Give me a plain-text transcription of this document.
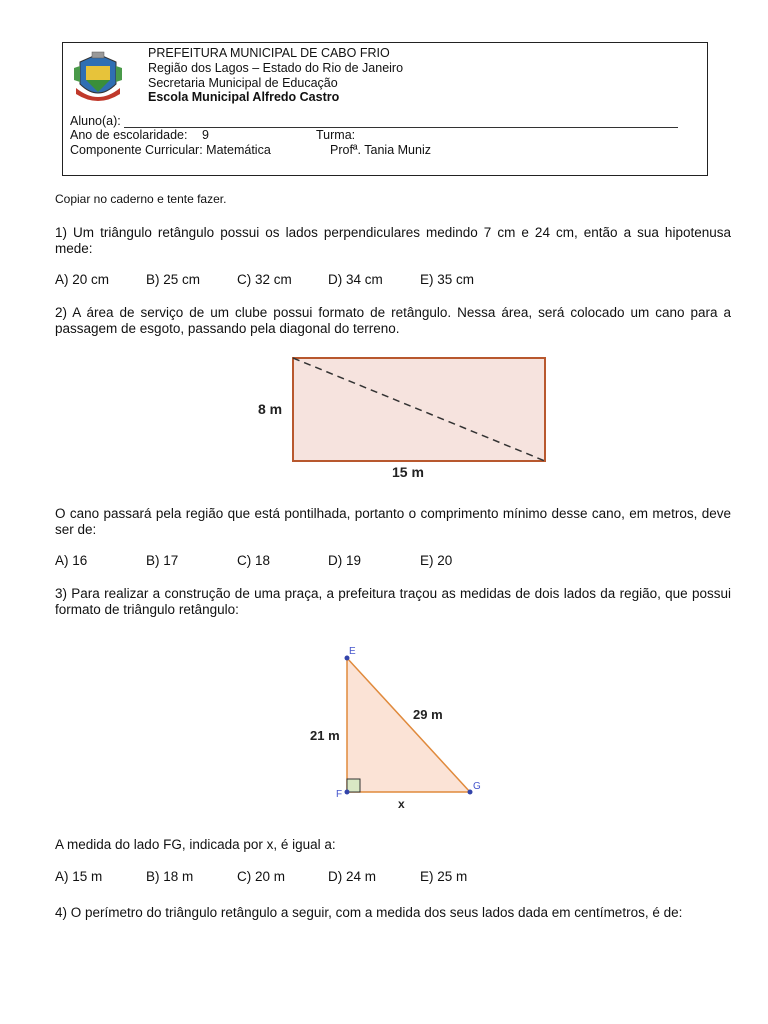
PREFEITURA MUNICIPAL DE CABO FRIO
Região dos Lagos – Estado do Rio de Janeiro
Secretaria Municipal de Educação
Escola Municipal Alfredo Castro
Aluno(a):
Ano de escolaridade: 9	Turma:
Componente Curricular: Matemática	Profª. Tania Muniz
Copiar no caderno e tente fazer.
1) Um triângulo retângulo possui os lados perpendiculares medindo 7 cm e 24 cm, então a sua hipotenusa mede:
A) 20 cm	B) 25 cm	C) 32 cm	D) 34 cm	E) 35 cm
2) A área de serviço de um clube possui formato de retângulo. Nessa área, será colocado um cano para a passagem de esgoto, passando pela diagonal do terreno.
8 m
15 m
O cano passará pela região que está pontilhada, portanto o comprimento mínimo desse cano, em metros, deve ser de:
A) 16	B) 17	C) 18	D) 19	E) 20
3) Para realizar a construção de uma praça, a prefeitura traçou as medidas de dois lados da região, que possui formato de triângulo retângulo:
E
F
G
21 m
29 m
x
A medida do lado FG, indicada por x, é igual a:
A) 15 m	B) 18 m	C) 20 m	D) 24 m	E) 25 m
4) O perímetro do triângulo retângulo a seguir, com a medida dos seus lados dada em centímetros, é de:
